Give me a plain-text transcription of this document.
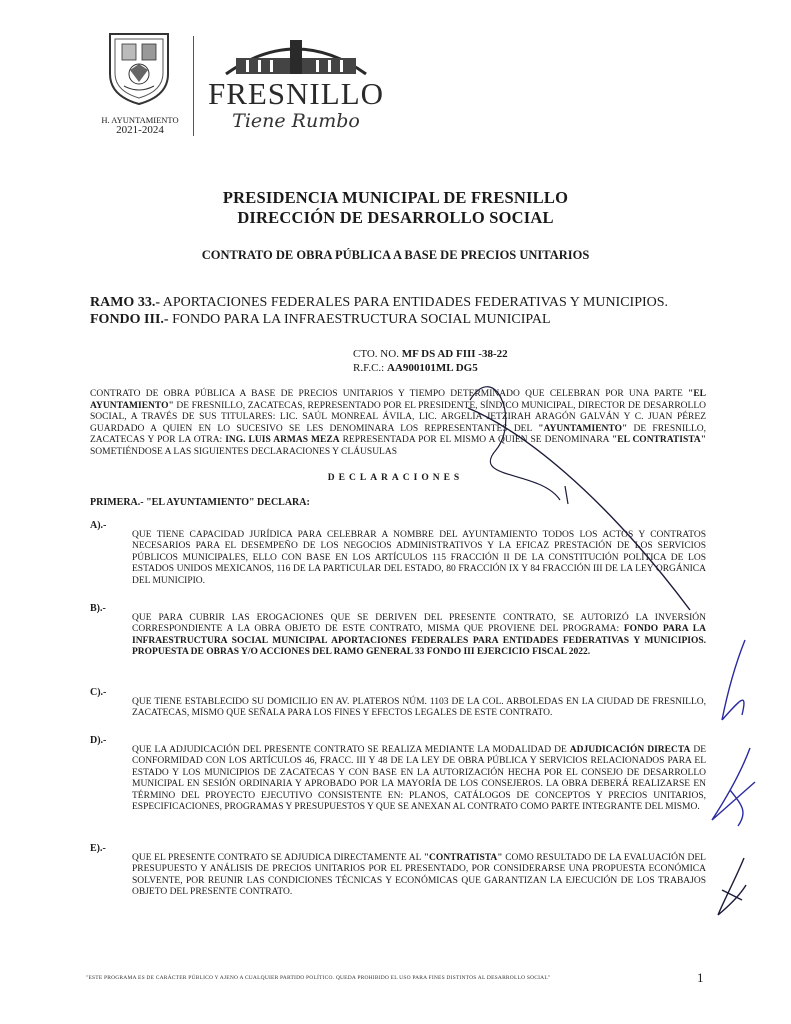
H. AYUNTAMIENTO
2021-2024
FRESNILLO
Tiene Rumbo
PRESIDENCIA MUNICIPAL DE FRESNILLO
DIRECCIÓN DE DESARROLLO SOCIAL
CONTRATO DE OBRA PÚBLICA A BASE DE PRECIOS UNITARIOS
RAMO 33.- APORTACIONES FEDERALES PARA ENTIDADES FEDERATIVAS Y MUNICIPIOS.
FONDO III.- FONDO PARA LA INFRAESTRUCTURA SOCIAL MUNICIPAL
CTO. NO. MF DS AD FIII -38-22
R.F.C.: AA900101ML DG5
CONTRATO DE OBRA PÚBLICA A BASE DE PRECIOS UNITARIOS Y TIEMPO DETERMINADO QUE CELEBRAN POR UNA PARTE "EL AYUNTAMIENTO" DE FRESNILLO, ZACATECAS, REPRESENTADO POR EL PRESIDENTE, SÍNDICO MUNICIPAL, DIRECTOR DE DESARROLLO SOCIAL, A TRAVÉS DE SUS TITULARES: LIC. SAÚL MONREAL ÁVILA, LIC. ARGELIA JETZIRAH ARAGÓN GALVÁN Y C. JUAN PÉREZ GUARDADO A QUIEN EN LO SUCESIVO SE LES DENOMINARA LOS REPRESENTANTES DEL "AYUNTAMIENTO" DE FRESNILLO, ZACATECAS Y POR LA OTRA: ING. LUIS ARMAS MEZA REPRESENTADA POR EL MISMO A QUIEN SE DENOMINARA "EL CONTRATISTA" SOMETIÉNDOSE A LAS SIGUIENTES DECLARACIONES Y CLÁUSULAS
DECLARACIONES
PRIMERA.- "EL AYUNTAMIENTO" DECLARA:
A).-
QUE TIENE CAPACIDAD JURÍDICA PARA CELEBRAR A NOMBRE DEL AYUNTAMIENTO TODOS LOS ACTOS Y CONTRATOS NECESARIOS PARA EL DESEMPEÑO DE LOS NEGOCIOS ADMINISTRATIVOS Y LA EFICAZ PRESTACIÓN DE LOS SERVICIOS PÚBLICOS MUNICIPALES, ELLO CON BASE EN LOS ARTÍCULOS 115 FRACCIÓN II DE LA CONSTITUCIÓN POLÍTICA DE LOS ESTADOS UNIDOS MEXICANOS, 116 DE LA PARTICULAR DEL ESTADO, 80 FRACCIÓN IX Y 84 FRACCIÓN III DE LA LEY ORGÁNICA DEL MUNICIPIO.
B).-
QUE PARA CUBRIR LAS EROGACIONES QUE SE DERIVEN DEL PRESENTE CONTRATO, SE AUTORIZÓ LA INVERSIÓN CORRESPONDIENTE A LA OBRA OBJETO DE ESTE CONTRATO, MISMA QUE PROVIENE DEL PROGRAMA: FONDO PARA LA INFRAESTRUCTURA SOCIAL MUNICIPAL APORTACIONES FEDERALES PARA ENTIDADES FEDERATIVAS Y MUNICIPIOS. PROPUESTA DE OBRAS Y/O ACCIONES DEL RAMO GENERAL 33 FONDO III EJERCICIO FISCAL 2022.
C).-
QUE TIENE ESTABLECIDO SU DOMICILIO EN AV. PLATEROS NÚM. 1103 DE LA COL. ARBOLEDAS EN LA CIUDAD DE FRESNILLO, ZACATECAS, MISMO QUE SEÑALA PARA LOS FINES Y EFECTOS LEGALES DE ESTE CONTRATO.
D).-
QUE LA ADJUDICACIÓN DEL PRESENTE CONTRATO SE REALIZA MEDIANTE LA MODALIDAD DE ADJUDICACIÓN DIRECTA DE CONFORMIDAD CON LOS ARTÍCULOS 46, FRACC. III Y 48 DE LA LEY DE OBRA PÚBLICA Y SERVICIOS RELACIONADOS PARA EL ESTADO Y LOS MUNICIPIOS DE ZACATECAS Y CON BASE EN LA AUTORIZACIÓN HECHA POR EL CONSEJO DE DESARROLLO MUNICIPAL EN SESIÓN ORDINARIA Y APROBADO POR LA MAYORÍA DE LOS CONSEJEROS. LA OBRA DEBERÁ REALIZARSE EN TÉRMINO DEL PROYECTO EJECUTIVO CONSISTENTE EN: PLANOS, CATÁLOGOS DE CONCEPTOS Y PRECIOS UNITARIOS, ESPECIFICACIONES, PROGRAMAS Y PRESUPUESTOS Y QUE SE ANEXAN AL CONTRATO COMO PARTE INTEGRANTE DEL MISMO.
E).-
QUE EL PRESENTE CONTRATO SE ADJUDICA DIRECTAMENTE AL "CONTRATISTA" COMO RESULTADO DE LA EVALUACIÓN DEL PRESUPUESTO Y ANÁLISIS DE PRECIOS UNITARIOS POR EL PRESENTADO, POR CONSIDERARSE UNA PROPUESTA ECONÓMICA SOLVENTE, POR REUNIR LAS CONDICIONES TÉCNICAS Y ECONÓMICAS QUE GARANTIZAN LA EJECUCIÓN DE LOS TRABAJOS OBJETO DEL PRESENTE CONTRATO.
"ESTE PROGRAMA ES DE CARÁCTER PÚBLICO Y AJENO A CUALQUIER PARTIDO POLÍTICO. QUEDA PROHIBIDO EL USO PARA FINES DISTINTOS AL DESARROLLO SOCIAL"	1
